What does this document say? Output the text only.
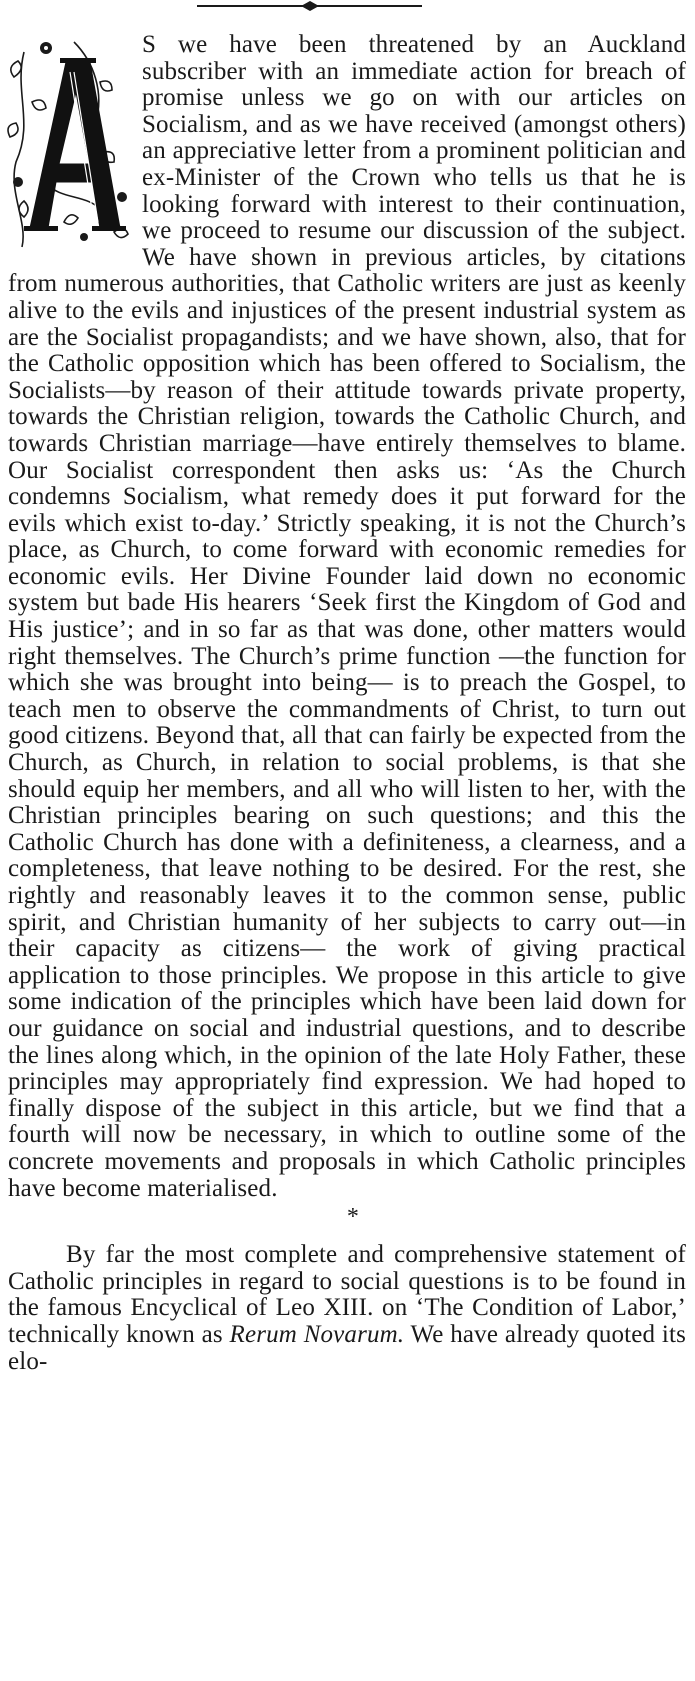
S we have been threatened by an Auckland subscriber with an immediate action for breach of promise unless we go on with our articles on Socialism, and as we have received (amongst others) an appreciative letter from a prominent politician and ex-Minister of the Crown who tells us that he is looking forward with interest to their continuation, we proceed to resume our discussion of the subject. We have shown in previous articles, by citations from numerous authorities, that Catholic writers are just as keenly alive to the evils and injustices of the present industrial system as are the Socialist propagandists; and we have shown, also, that for the Catholic opposition which has been offered to Socialism, the Socialists—by reason of their attitude towards private property, towards the Christian religion, towards the Catholic Church, and towards Christian marriage—have entirely themselves to blame. Our Socialist correspondent then asks us: ‘As the Church condemns Socialism, what remedy does it put forward for the evils which exist to-day.’ Strictly speaking, it is not the Church’s place, as Church, to come forward with economic remedies for economic evils. Her Divine Founder laid down no economic system but bade His hearers ‘Seek first the Kingdom of God and His justice’; and in so far as that was done, other matters would right themselves. The Church’s prime function —the function for which she was brought into being— is to preach the Gospel, to teach men to observe the commandments of Christ, to turn out good citizens. Beyond that, all that can fairly be expected from the Church, as Church, in relation to social problems, is that she should equip her members, and all who will listen to her, with the Christian principles bearing on such questions; and this the Catholic Church has done with a definiteness, a clearness, and a completeness, that leave nothing to be desired. For the rest, she rightly and reasonably leaves it to the common sense, public spirit, and Christian humanity of her subjects to carry out—in their capacity as citizens— the work of giving practical application to those principles. We propose in this article to give some indication of the principles which have been laid down for our guidance on social and industrial questions, and to describe the lines along which, in the opinion of the late Holy Father, these principles may appropriately find expression. We had hoped to finally dispose of the subject in this article, but we find that a fourth will now be necessary, in which to outline some of the concrete movements and proposals in which Catholic principles have become materialised.

*

By far the most complete and comprehensive statement of Catholic principles in regard to social questions is to be found in the famous Encyclical of Leo XIII. on ‘The Condition of Labor,’ technically known as Rerum Novarum. We have already quoted its elo-
